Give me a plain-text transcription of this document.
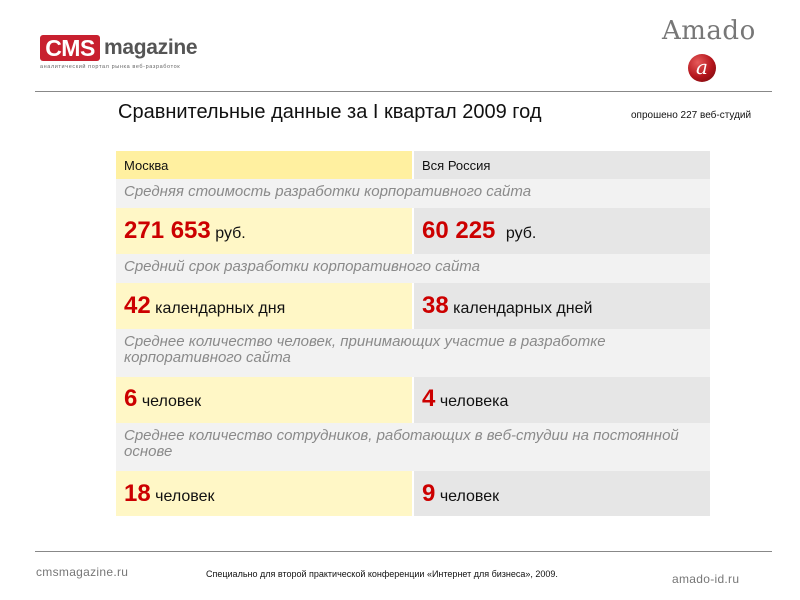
CMS magazine
аналитический портал рынка веб-разработок
Amado
a
Сравнительные данные за I квартал 2009 год	опрошено 227 веб-студий
Москва	Вся Россия
Средняя стоимость разработки корпоративного сайта
271 653 руб.	60 225 руб.
Средний срок разработки корпоративного сайта
42 календарных дня	38 календарных дней
Среднее количество человек, принимающих участие в разработке корпоративного сайта
6 человек	4 человека
Среднее количество сотрудников, работающих в веб-студии на постоянной основе
18 человек	9 человек
cmsmagazine.ru	Специально для второй практической конференции «Интернет для бизнеса», 2009.	amado-id.ru
